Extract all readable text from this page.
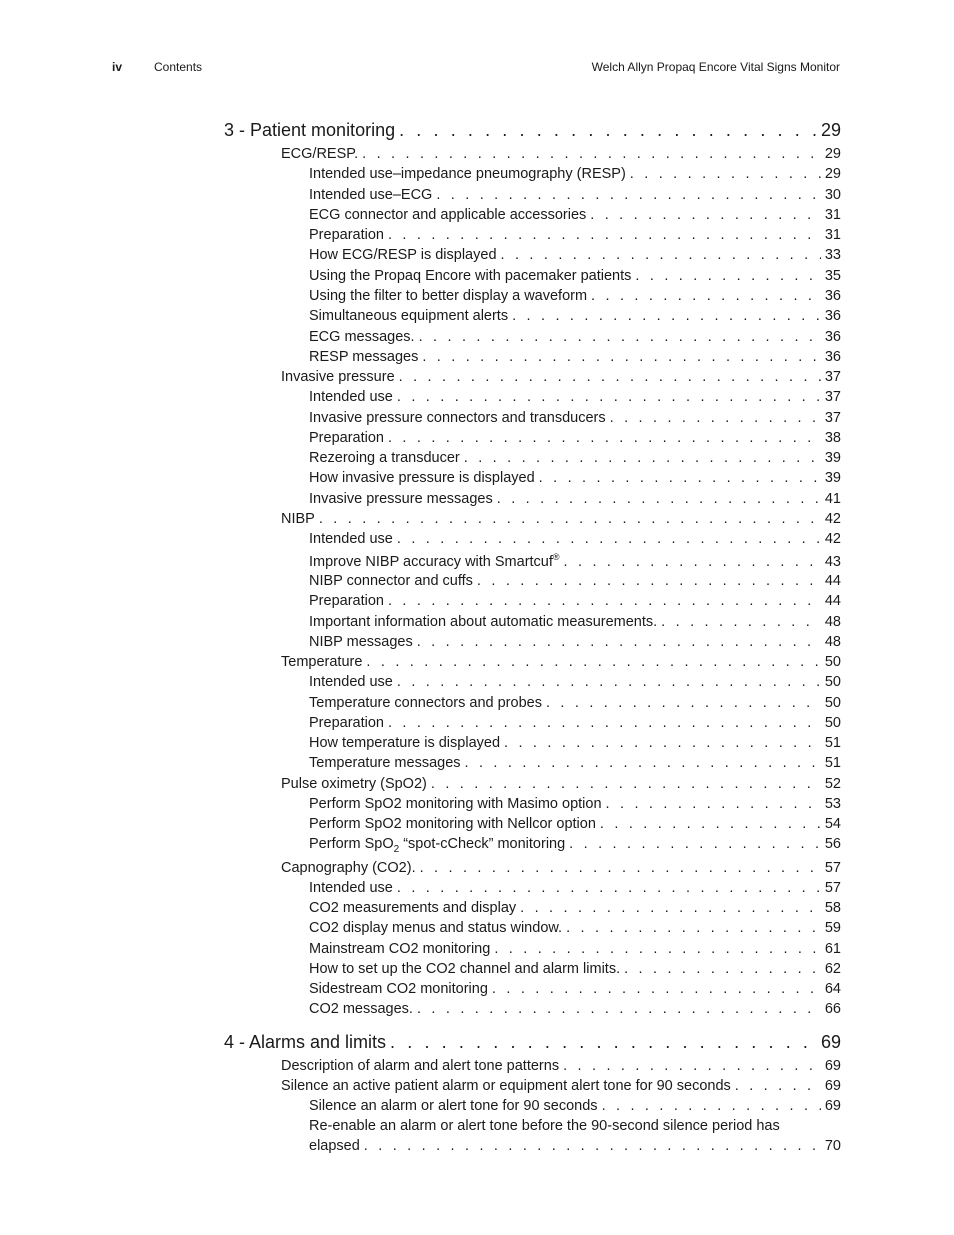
iv	Contents	Welch Allyn Propaq Encore Vital Signs Monitor
3 - Patient monitoring . . .	29
ECG/RESP. . . .	29
Intended use–impedance pneumography (RESP) . . .	29
Intended use–ECG . . .	30
ECG connector and applicable accessories . . .	31
Preparation . . .	31
How ECG/RESP is displayed . . .	33
Using the Propaq Encore with pacemaker patients . . .	35
Using the filter to better display a waveform . . .	36
Simultaneous equipment alerts . . .	36
ECG messages. . . .	36
RESP messages . . .	36
Invasive pressure . . .	37
Intended use . . .	37
Invasive pressure connectors and transducers . . .	37
Preparation . . .	38
Rezeroing a transducer . . .	39
How invasive pressure is displayed . . .	39
Invasive pressure messages . . .	41
NIBP . . .	42
Intended use . . .	42
Improve NIBP accuracy with Smartcuf® . . .	43
NIBP connector and cuffs . . .	44
Preparation . . .	44
Important information about automatic measurements. . . .	48
NIBP messages . . .	48
Temperature . . .	50
Intended use . . .	50
Temperature connectors and probes . . .	50
Preparation . . .	50
How temperature is displayed . . .	51
Temperature messages . . .	51
Pulse oximetry (SpO2) . . .	52
Perform SpO2 monitoring with Masimo option . . .	53
Perform SpO2 monitoring with Nellcor option . . .	54
Perform SpO$_2$ “spot-cCheck” monitoring . . .	56
Capnography (CO2). . . .	57
Intended use . . .	57
CO2 measurements and display . . .	58
CO2 display menus and status window. . . .	59
Mainstream CO2 monitoring . . .	61
How to set up the CO2 channel and alarm limits. . . .	62
Sidestream CO2 monitoring . . .	64
CO2 messages. . . .	66
4 - Alarms and limits . . .	69
Description of alarm and alert tone patterns . . .	69
Silence an active patient alarm or equipment alert tone for 90 seconds . . .	69
Silence an alarm or alert tone for 90 seconds . . .	69
Re-enable an alarm or alert tone before the 90-second silence period has
elapsed . . .	70
